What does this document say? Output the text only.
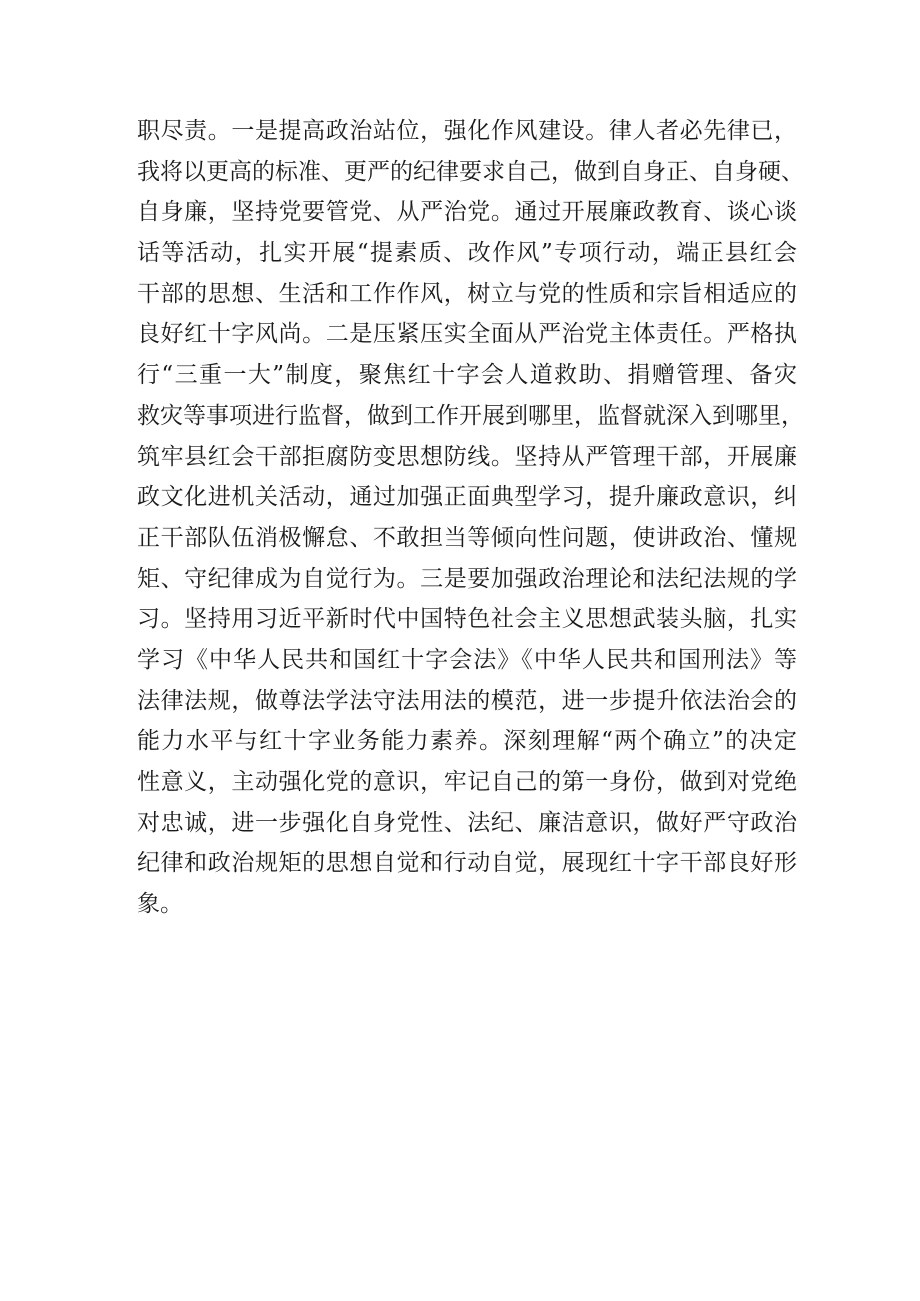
职尽责。一是提高政治站位，强化作风建设。律人者必先律已，
我将以更高的标准、更严的纪律要求自己，做到自身正、自身硬、
自身廉，坚持党要管党、从严治党。通过开展廉政教育、谈心谈
话等活动，扎实开展“提素质、改作风”专项行动，端正县红会
干部的思想、生活和工作作风，树立与党的性质和宗旨相适应的
良好红十字风尚。二是压紧压实全面从严治党主体责任。严格执
行“三重一大”制度，聚焦红十字会人道救助、捐赠管理、备灾
救灾等事项进行监督，做到工作开展到哪里，监督就深入到哪里，
筑牢县红会干部拒腐防变思想防线。坚持从严管理干部，开展廉
政文化进机关活动，通过加强正面典型学习，提升廉政意识，纠
正干部队伍消极懈怠、不敢担当等倾向性问题，使讲政治、懂规
矩、守纪律成为自觉行为。三是要加强政治理论和法纪法规的学
习。坚持用习近平新时代中国特色社会主义思想武装头脑，扎实
学习《中华人民共和国红十字会法》《中华人民共和国刑法》等
法律法规，做尊法学法守法用法的模范，进一步提升依法治会的
能力水平与红十字业务能力素养。深刻理解“两个确立”的决定
性意义，主动强化党的意识，牢记自己的第一身份，做到对党绝
对忠诚，进一步强化自身党性、法纪、廉洁意识，做好严守政治
纪律和政治规矩的思想自觉和行动自觉，展现红十字干部良好形
象。
